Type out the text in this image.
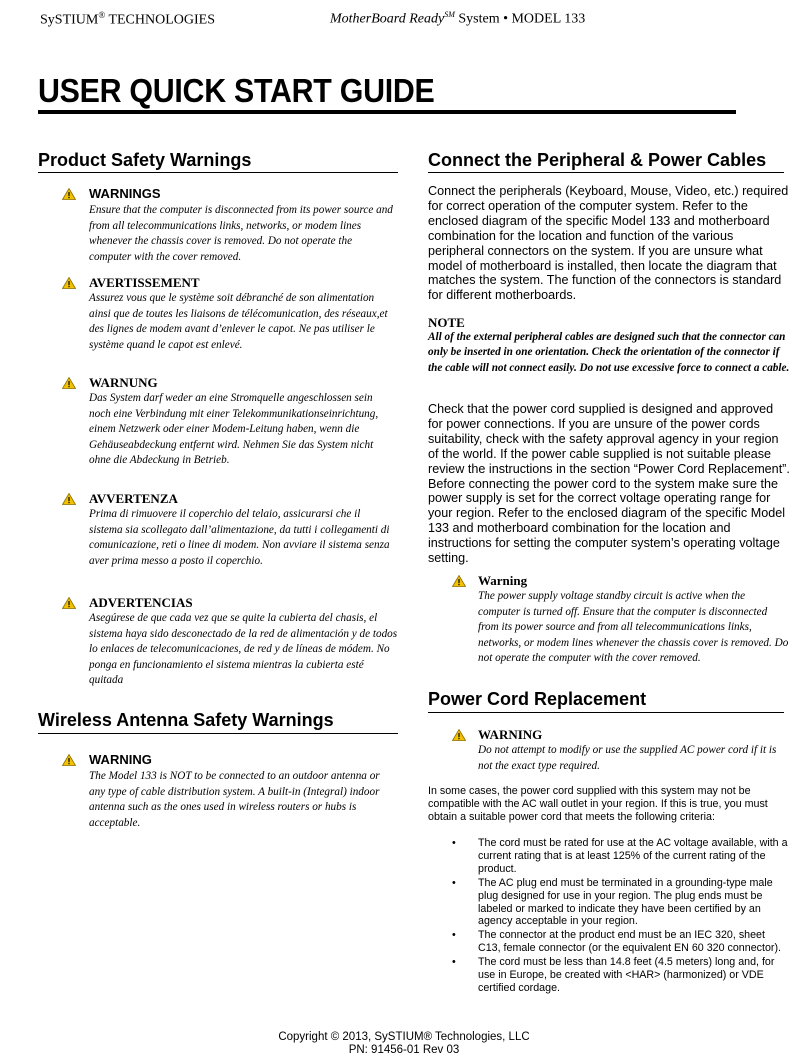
SySTIUM® TECHNOLOGIES	MotherBoard Ready℠ System • MODEL 133
USER QUICK START GUIDE
Product Safety Warnings
WARNINGS
Ensure that the computer is disconnected from its power source and from all telecommunications links, networks, or modem lines whenever the chassis cover is removed. Do not operate the computer with the cover removed.
AVERTISSEMENT
Assurez vous que le système soit débranché de son alimentation ainsi que de toutes les liaisons de télécomunication, des réseaux,et des lignes de modem avant d’enlever le capot. Ne pas utiliser le système quand le capot est enlevé.
WARNUNG
Das System darf weder an eine Stromquelle angeschlossen sein noch eine Verbindung mit einer Telekommunikationseinrichtung, einem Netzwerk oder einer Modem-Leitung haben, wenn die Gehäuseabdeckung entfernt wird. Nehmen Sie das System nicht ohne die Abdeckung in Betrieb.
AVVERTENZA
Prima di rimuovere il coperchio del telaio, assicurarsi che il sistema sia scollegato dall’alimentazione, da tutti i collegamenti di comunicazione, reti o linee di modem. Non avviare il sistema senza aver prima messo a posto il coperchio.
ADVERTENCIAS
Asegúrese de que cada vez que se quite la cubierta del chasis, el sistema haya sido desconectado de la red de alimentación y de todos lo enlaces de telecomunicaciones, de red y de líneas de módem. No ponga en funcionamiento el sistema mientras la cubierta esté quitada
Wireless Antenna Safety Warnings
WARNING
The Model 133 is NOT to be connected to an outdoor antenna or any type of cable distribution system. A built-in (Integral) indoor antenna such as the ones used in wireless routers or hubs is acceptable.
Connect the Peripheral & Power Cables
Connect the peripherals (Keyboard, Mouse, Video, etc.) required for correct operation of the computer system. Refer to the enclosed diagram of the specific Model 133 and motherboard combination for the location and function of the various peripheral connectors on the system. If you are unsure what model of motherboard is installed, then locate the diagram that matches the system. The function of the connectors is standard for different motherboards.
NOTE
All of the external peripheral cables are designed such that the connector can only be inserted in one orientation. Check the orientation of the connector if the cable will not connect easily. Do not use excessive force to connect a cable.
Check that the power cord supplied is designed and approved for power connections. If you are unsure of the power cords suitability, check with the safety approval agency in your region of the world. If the power cable supplied is not suitable please review the instructions in the section “Power Cord Replacement”. Before connecting the power cord to the system make sure the power supply is set for the correct voltage operating range for your region. Refer to the enclosed diagram of the specific Model 133 and motherboard combination for the location and instructions for setting the computer system’s operating voltage setting.
Warning
The power supply voltage standby circuit is active when the computer is turned off. Ensure that the computer is disconnected from its power source and from all telecommunications links, networks, or modem lines whenever the chassis cover is removed. Do not operate the computer with the cover removed.
Power Cord Replacement
WARNING
Do not attempt to modify or use the supplied AC power cord if it is not the exact type required.
In some cases, the power cord supplied with this system may not be compatible with the AC wall outlet in your region. If this is true, you must obtain a suitable power cord that meets the following criteria:
• The cord must be rated for use at the AC voltage available, with a current rating that is at least 125% of the current rating of the product.
• The AC plug end must be terminated in a grounding-type male plug designed for use in your region. The plug ends must be labeled or marked to indicate they have been certified by an agency acceptable in your region.
• The connector at the product end must be an IEC 320, sheet C13, female connector (or the equivalent EN 60 320 connector).
• The cord must be less than 14.8 feet (4.5 meters) long and, for use in Europe, be created with <HAR> (harmonized) or VDE certified cordage.
Copyright © 2013, SySTIUM® Technologies, LLC
PN: 91456-01 Rev 03
